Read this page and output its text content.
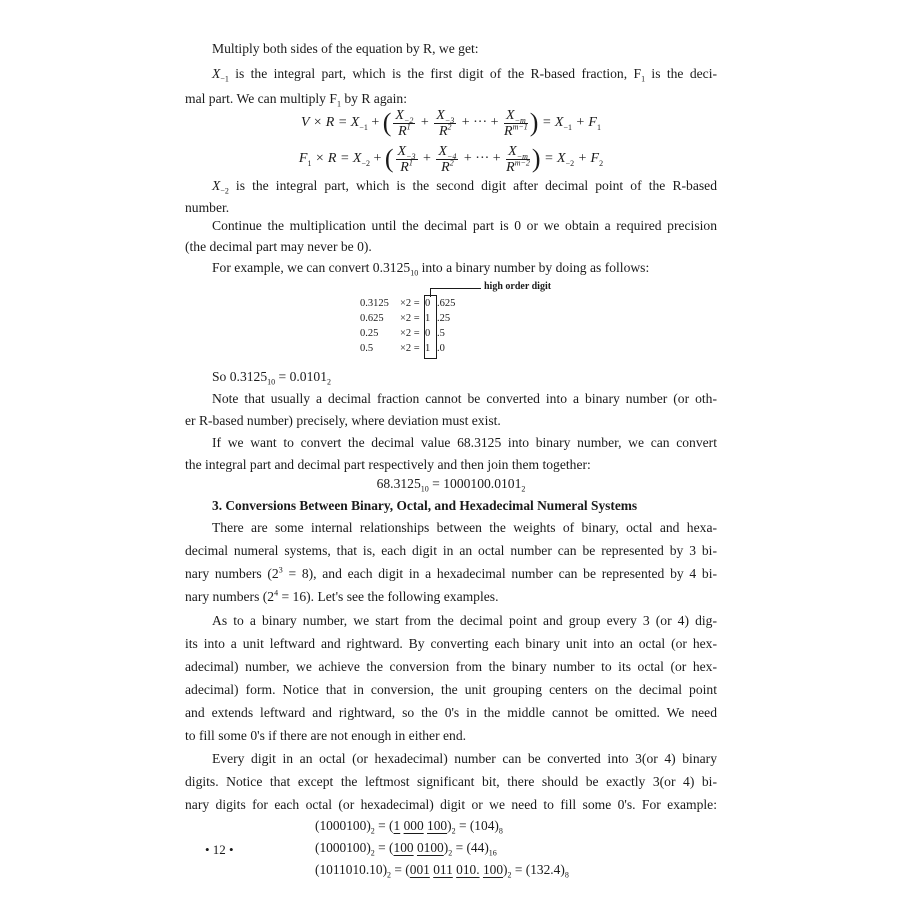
Multiply both sides of the equation by R, we get:
$X_{-1}$ is the integral part, which is the first digit of the R-based fraction, $F_1$ is the deci-
mal part. We can multiply $F_1$ by R again:
$V \times R = X_{-1}$ + ( $\frac{X_{-2}}{R^1} + \frac{X_{-3}}{R^2}$ + ··· + $\frac{X_{-m}}{R^{m-1}}$ ) = $X_{-1} + F_1$
$F_1 \times R = X_{-2}$ + ( $\frac{X_{-3}}{R^1} + \frac{X_{-4}}{R^2}$ + ··· + $\frac{X_{-m}}{R^{m-2}}$ ) = $X_{-2} + F_2$
$X_{-2}$ is the integral part, which is the second digit after decimal point of the R-based
number.
Continue the multiplication until the decimal part is 0 or we obtain a required precision
(the decimal part may never be 0).
For example, we can convert $0.3125_{10}$ into a binary number by doing as follows:
high order digit
0.3125 ×2 = 0 .625
0.625 ×2 = 1 .25
0.25 ×2 = 0 .5
0.5	×2 = 1 .0
So $0.3125_{10} = 0.0101_2$
Note that usually a decimal fraction cannot be converted into a binary number (or oth-
er R-based number) precisely, where deviation must exist.
If we want to convert the decimal value 68.3125 into binary number, we can convert
the integral part and decimal part respectively and then join them together:
$68.3125_{10} = 1000100.0101_2$
3. Conversions Between Binary, Octal, and Hexadecimal Numeral Systems
There are some internal relationships between the weights of binary, octal and hexa-
decimal numeral systems, that is, each digit in an octal number can be represented by 3 bi-
nary numbers $(2^3 = 8)$, and each digit in a hexadecimal number can be represented by 4 bi-
nary numbers $(2^4 = 16)$. Let's see the following examples.
As to a binary number, we start from the decimal point and group every 3 (or 4) dig-
its into a unit leftward and rightward. By converting each binary unit into an octal (or hex-
adecimal) number, we achieve the conversion from the binary number to its octal (or hex-
adecimal) form. Notice that in conversion, the unit grouping centers on the decimal point
and extends leftward and rightward, so the 0's in the middle cannot be omitted. We need
to fill some 0's if there are not enough in either end.
Every digit in an octal (or hexadecimal) number can be converted into 3(or 4) binary
digits. Notice that except the leftmost significant bit, there should be exactly 3(or 4) bi-
nary digits for each octal (or hexadecimal) digit or we need to fill some 0's. For example:
$(1000100)_2 = (1$ 000 $100)_2 = (104)_8$
$(1000100)_2 = (100$ $0100)_2 = (44)_{16}$
$(1011010.10)_2 = (001$ 011 010. $100)_2 = (132.4)_8$
• 12 •
